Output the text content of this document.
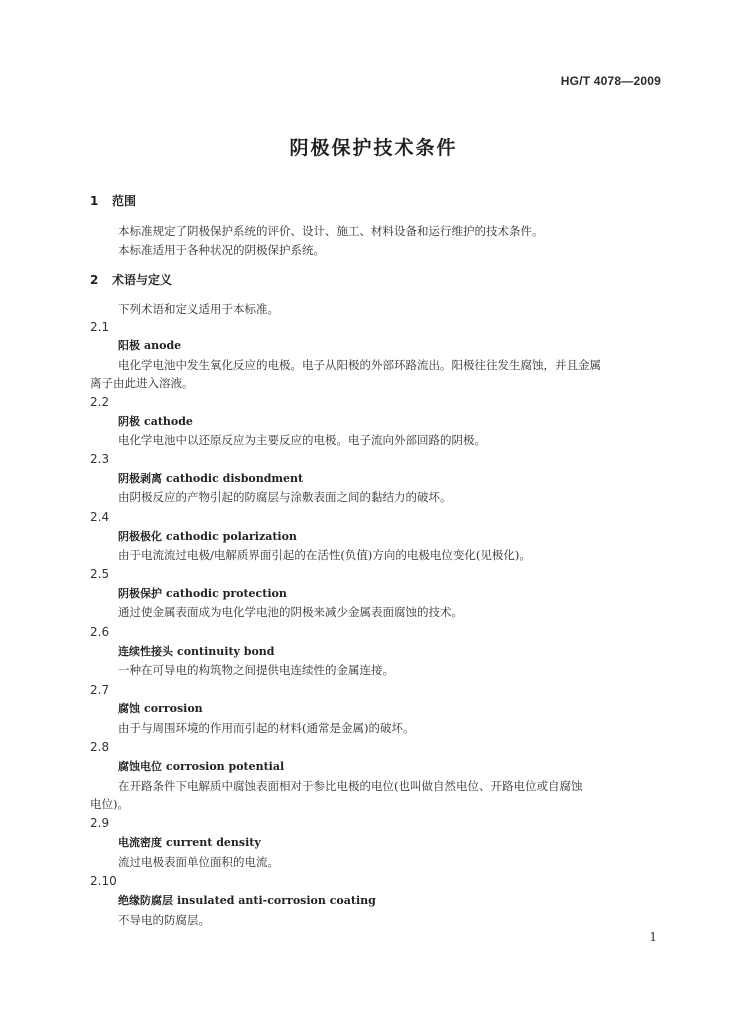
HG/T 4078—2009
阴极保护技术条件
1 范围
本标准规定了阴极保护系统的评价、设计、施工、材料设备和运行维护的技术条件。
本标准适用于各种状况的阴极保护系统。
2 术语与定义
下列术语和定义适用于本标准。
2.1
阳极 anode
电化学电池中发生氧化反应的电极。电子从阳极的外部环路流出。阳极往往发生腐蚀，并且金属
离子由此进入溶液。
2.2
阴极 cathode
电化学电池中以还原反应为主要反应的电极。电子流向外部回路的阴极。
2.3
阴极剥离 cathodic disbondment
由阴极反应的产物引起的防腐层与涂敷表面之间的黏结力的破坏。
2.4
阴极极化 cathodic polarization
由于电流流过电极/电解质界面引起的在活性(负值)方向的电极电位变化(见极化)。
2.5
阴极保护 cathodic protection
通过使金属表面成为电化学电池的阴极来减少金属表面腐蚀的技术。
2.6
连续性接头 continuity bond
一种在可导电的构筑物之间提供电连续性的金属连接。
2.7
腐蚀 corrosion
由于与周围环境的作用而引起的材料(通常是金属)的破坏。
2.8
腐蚀电位 corrosion potential
在开路条件下电解质中腐蚀表面相对于参比电极的电位(也叫做自然电位、开路电位或自腐蚀
电位)。
2.9
电流密度 current density
流过电极表面单位面积的电流。
2.10
绝缘防腐层 insulated anti-corrosion coating
不导电的防腐层。
1
